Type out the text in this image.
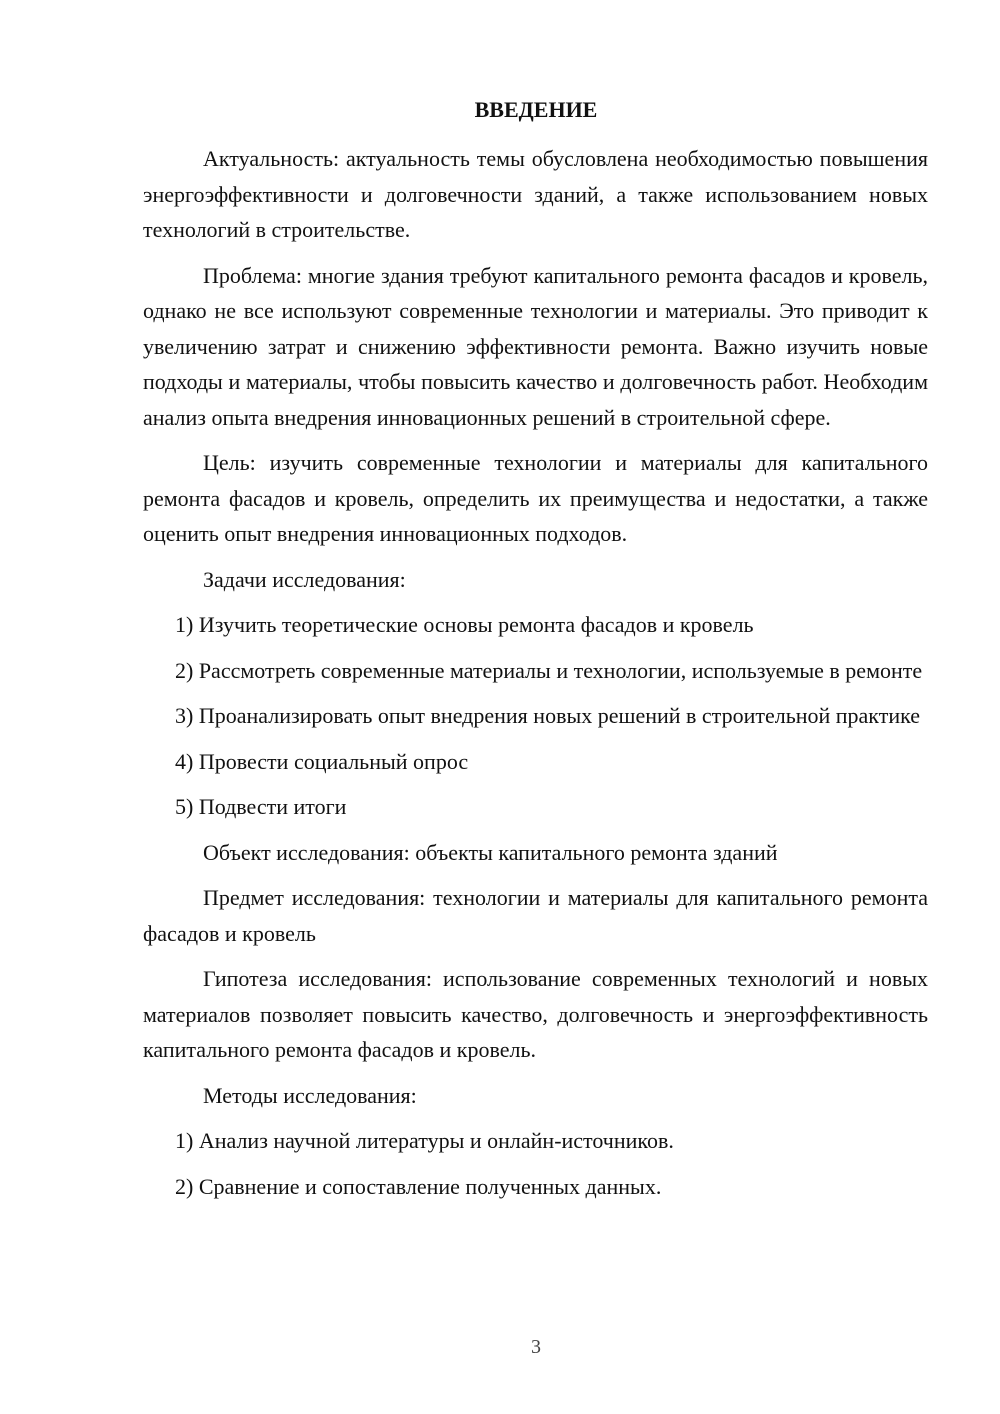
ВВЕДЕНИЕ

Актуальность: актуальность темы обусловлена необходимостью повышения энергоэффективности и долговечности зданий, а также использованием новых технологий в строительстве.

Проблема: многие здания требуют капитального ремонта фасадов и кровель, однако не все используют современные технологии и материалы. Это приводит к увеличению затрат и снижению эффективности ремонта. Важно изучить новые подходы и материалы, чтобы повысить качество и долговечность работ. Необходим анализ опыта внедрения инновационных решений в строительной сфере.

Цель: изучить современные технологии и материалы для капитального ремонта фасадов и кровель, определить их преимущества и недостатки, а также оценить опыт внедрения инновационных подходов.

Задачи исследования:

1) Изучить теоретические основы ремонта фасадов и кровель

2) Рассмотреть современные материалы и технологии, используемые в ремонте

3) Проанализировать опыт внедрения новых решений в строительной практике

4) Провести социальный опрос

5) Подвести итоги

Объект исследования: объекты капитального ремонта зданий

Предмет исследования: технологии и материалы для капитального ремонта фасадов и кровель

Гипотеза исследования: использование современных технологий и новых материалов позволяет повысить качество, долговечность и энергоэффективность капитального ремонта фасадов и кровель.

Методы исследования:

1) Анализ научной литературы и онлайн-источников.

2) Сравнение и сопоставление полученных данных.

3
